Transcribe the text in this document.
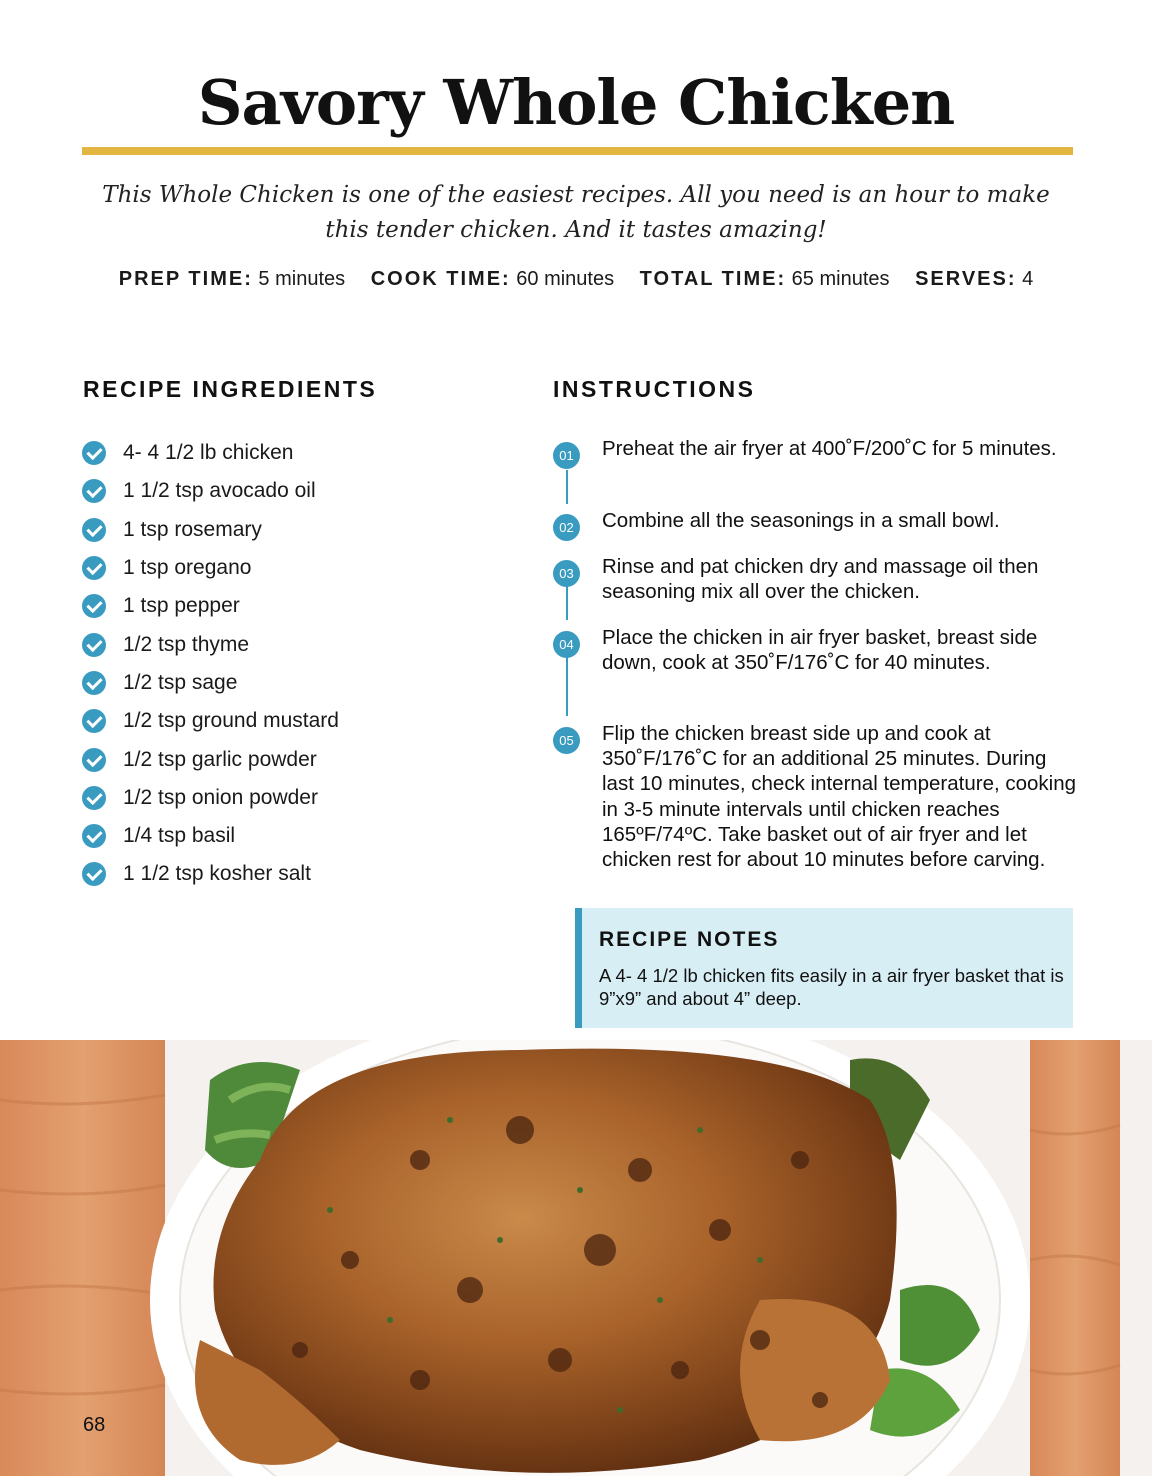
Savory Whole Chicken

This Whole Chicken is one of the easiest recipes. All you need is an hour to make this tender chicken. And it tastes amazing!

PREP TIME: 5 minutes COOK TIME: 60 minutes TOTAL TIME: 65 minutes SERVES: 4
RECIPE INGREDIENTS	INSTRUCTIONS
4- 4 1/2 lb chicken
1 1/2 tsp avocado oil
1 tsp rosemary
1 tsp oregano
1 tsp pepper
1/2 tsp thyme
1/2 tsp sage
1/2 tsp ground mustard
1/2 tsp garlic powder
1/2 tsp onion powder
1/4 tsp basil
1 1/2 tsp kosher salt
01	Preheat the air fryer at 400˚F/200˚C for 5 minutes.
02	Combine all the seasonings in a small bowl.
03	Rinse and pat chicken dry and massage oil then seasoning mix all over the chicken.
04	Place the chicken in air fryer basket, breast side down, cook at 350˚F/176˚C for 40 minutes.
05	Flip the chicken breast side up and cook at 350˚F/176˚C for an additional 25 minutes. During last 10 minutes, check internal temperature, cooking in 3-5 minute intervals until chicken reaches 165ºF/74ºC. Take basket out of air fryer and let chicken rest for about 10 minutes before carving.
RECIPE NOTES
A 4- 4 1/2 lb chicken fits easily in a air fryer basket that is 9”x9” and about 4” deep.
68
